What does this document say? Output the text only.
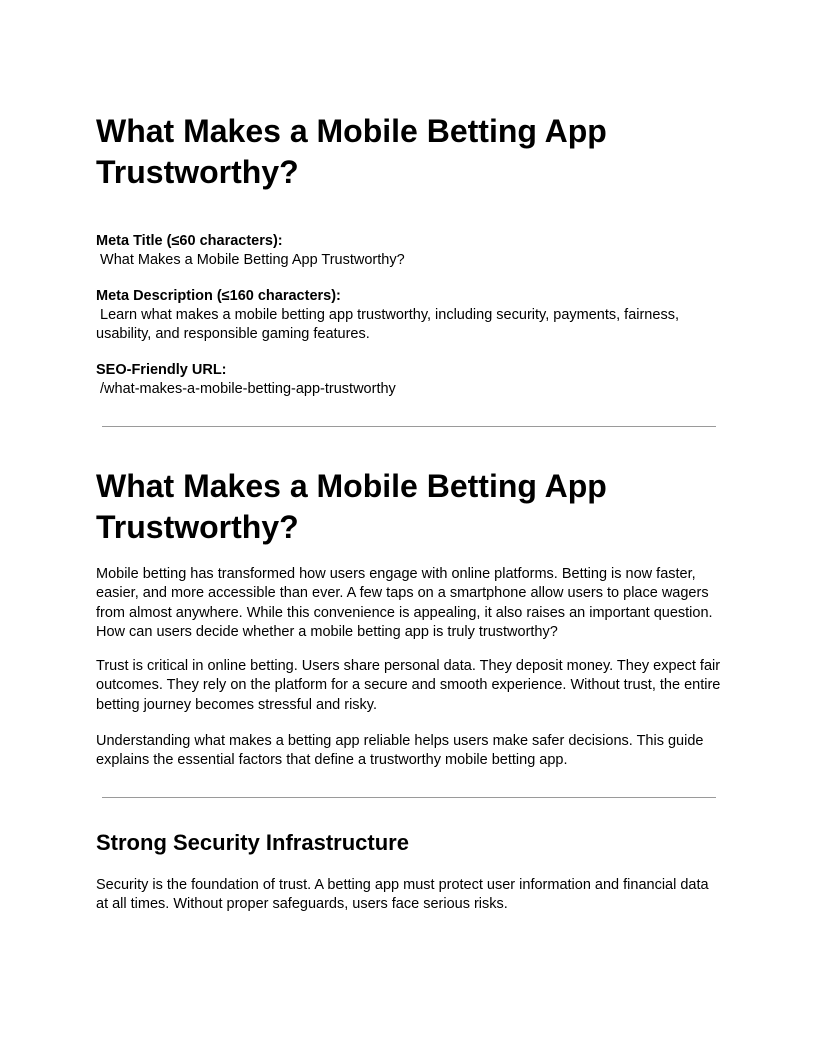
What Makes a Mobile Betting App Trustworthy?
Meta Title (≤60 characters):
What Makes a Mobile Betting App Trustworthy?
Meta Description (≤160 characters):
Learn what makes a mobile betting app trustworthy, including security, payments, fairness, usability, and responsible gaming features.
SEO-Friendly URL:
/what-makes-a-mobile-betting-app-trustworthy
What Makes a Mobile Betting App Trustworthy?

Mobile betting has transformed how users engage with online platforms. Betting is now faster, easier, and more accessible than ever. A few taps on a smartphone allow users to place wagers from almost anywhere. While this convenience is appealing, it also raises an important question. How can users decide whether a mobile betting app is truly trustworthy?

Trust is critical in online betting. Users share personal data. They deposit money. They expect fair outcomes. They rely on the platform for a secure and smooth experience. Without trust, the entire betting journey becomes stressful and risky.

Understanding what makes a betting app reliable helps users make safer decisions. This guide explains the essential factors that define a trustworthy mobile betting app.

Strong Security Infrastructure

Security is the foundation of trust. A betting app must protect user information and financial data at all times. Without proper safeguards, users face serious risks.
